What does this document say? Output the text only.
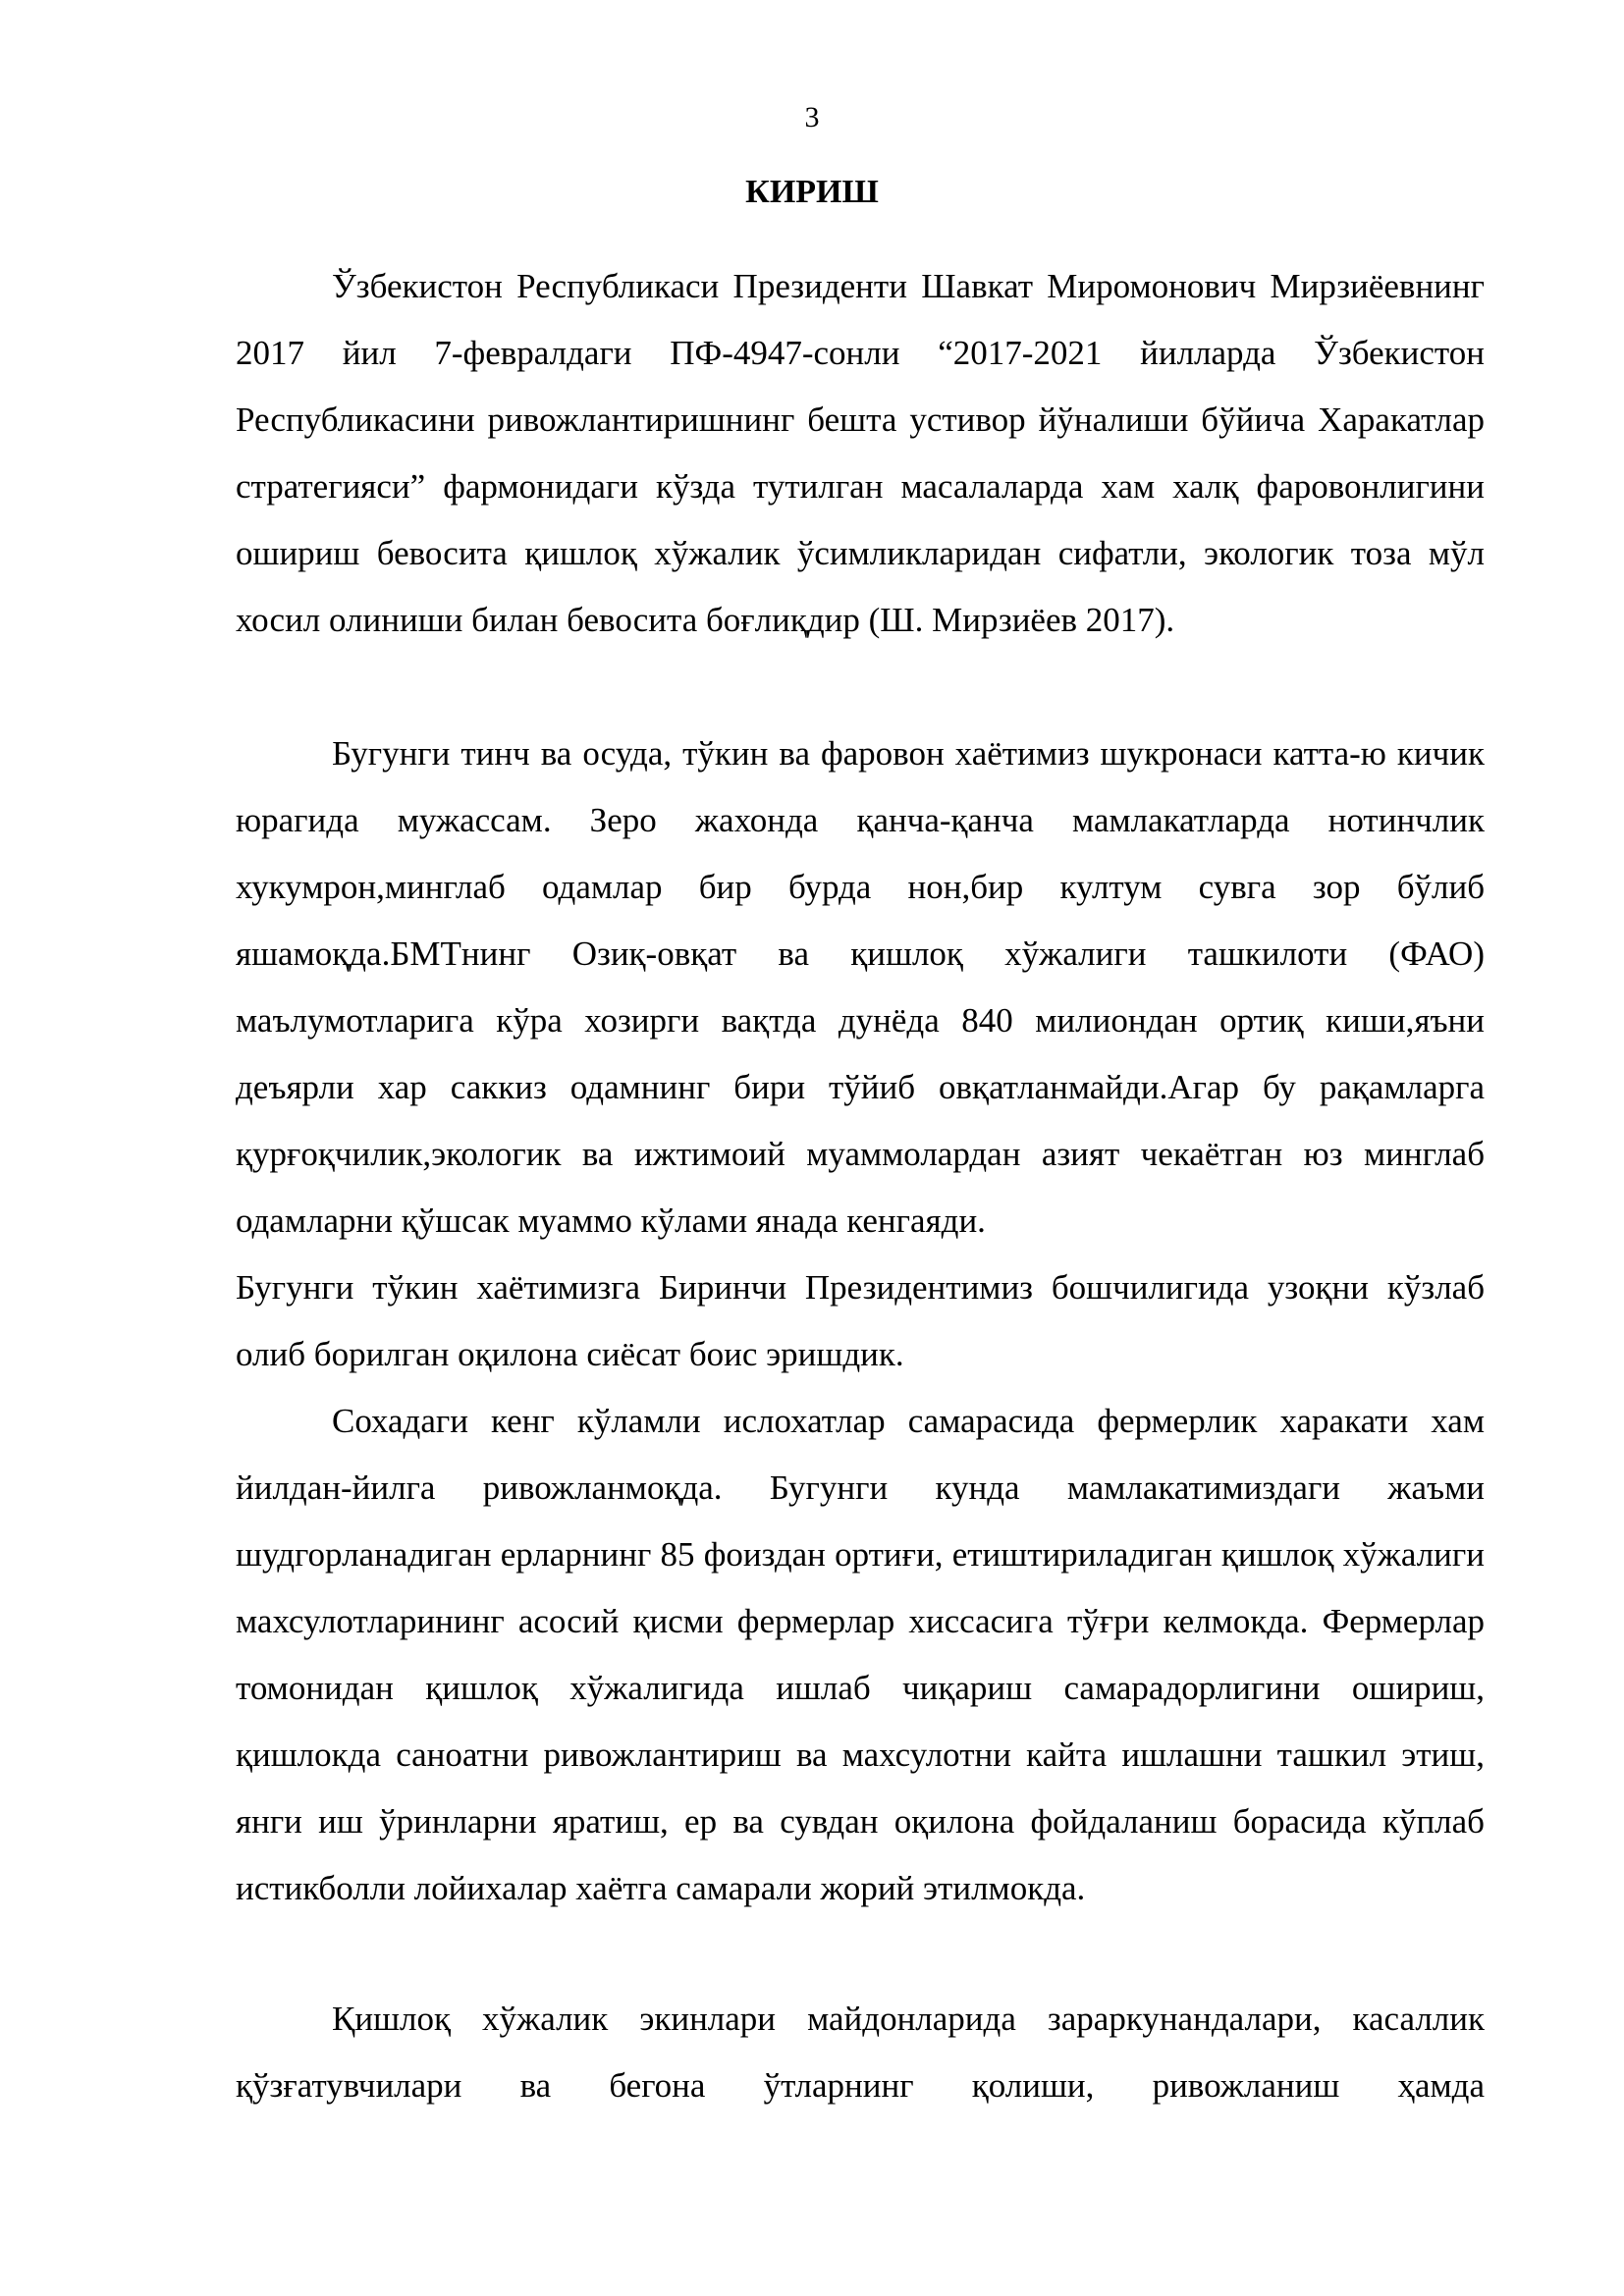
3
КИРИШ

Ўзбекистон Республикаси Президенти Шавкат Миромонович Мирзиёевнинг 2017 йил 7-февралдаги ПФ-4947-сонли “2017-2021 йилларда Ўзбекистон Республикасини ривожлантиришнинг бешта устивор йўналиши бўйича Харакатлар стратегияси” фармонидаги кўзда тутилган масалаларда хам халқ фаровонлигини ошириш бевосита қишлоқ хўжалик ўсимликларидан сифатли, экологик тоза мўл хосил олиниши билан бевосита боғлиқдир (Ш. Мирзиёев 2017).

Бугунги тинч ва осуда, тўкин ва фаровон хаётимиз шукронаси катта-ю кичик юрагида мужассам. Зеро жахонда қанча-қанча мамлакатларда нотинчлик хукумрон,минглаб одамлар бир бурда нон,бир култум сувга зор бўлиб яшамоқда.БМТнинг Озиқ-овқат ва қишлоқ хўжалиги ташкилоти (ФАО) маълумотларига кўра хозирги вақтда дунёда 840 милиондан ортиқ киши,яъни деъярли хар саккиз одамнинг бири тўйиб овқатланмайди.Агар бу рақамларга қурғоқчилик,экологик ва ижтимоий муаммолардан азият чекаётган юз минглаб одамларни қўшсак муаммо кўлами янада кенгаяди.

Бугунги тўкин хаётимизга Биринчи Президентимиз бошчилигида узоқни кўзлаб олиб борилган оқилона сиёсат боис эришдик.

Сохадаги кенг кўламли ислохатлар самарасида фермерлик харакати хам йилдан-йилга ривожланмоқда. Бугунги кунда мамлакатимиздаги жаъми шудгорланадиган ерларнинг 85 фоиздан ортиғи, етиштириладиган қишлоқ хўжалиги махсулотларининг асосий қисми фермерлар хиссасига тўғри келмокда. Фермерлар томонидан қишлоқ хўжалигида ишлаб чиқариш самарадорлигини ошириш, қишлокда саноатни ривожлантириш ва махсулотни кайта ишлашни ташкил этиш, янги иш ўринларни яратиш, ер ва сувдан оқилона фойдаланиш борасида кўплаб истикболли лойихалар хаётга самарали жорий этилмокда.

Қишлоқ хўжалик экинлари майдонларида зараркунандалари, касаллик қўзғатувчилари ва бегона ўтларнинг қолиши, ривожланиш ҳамда
